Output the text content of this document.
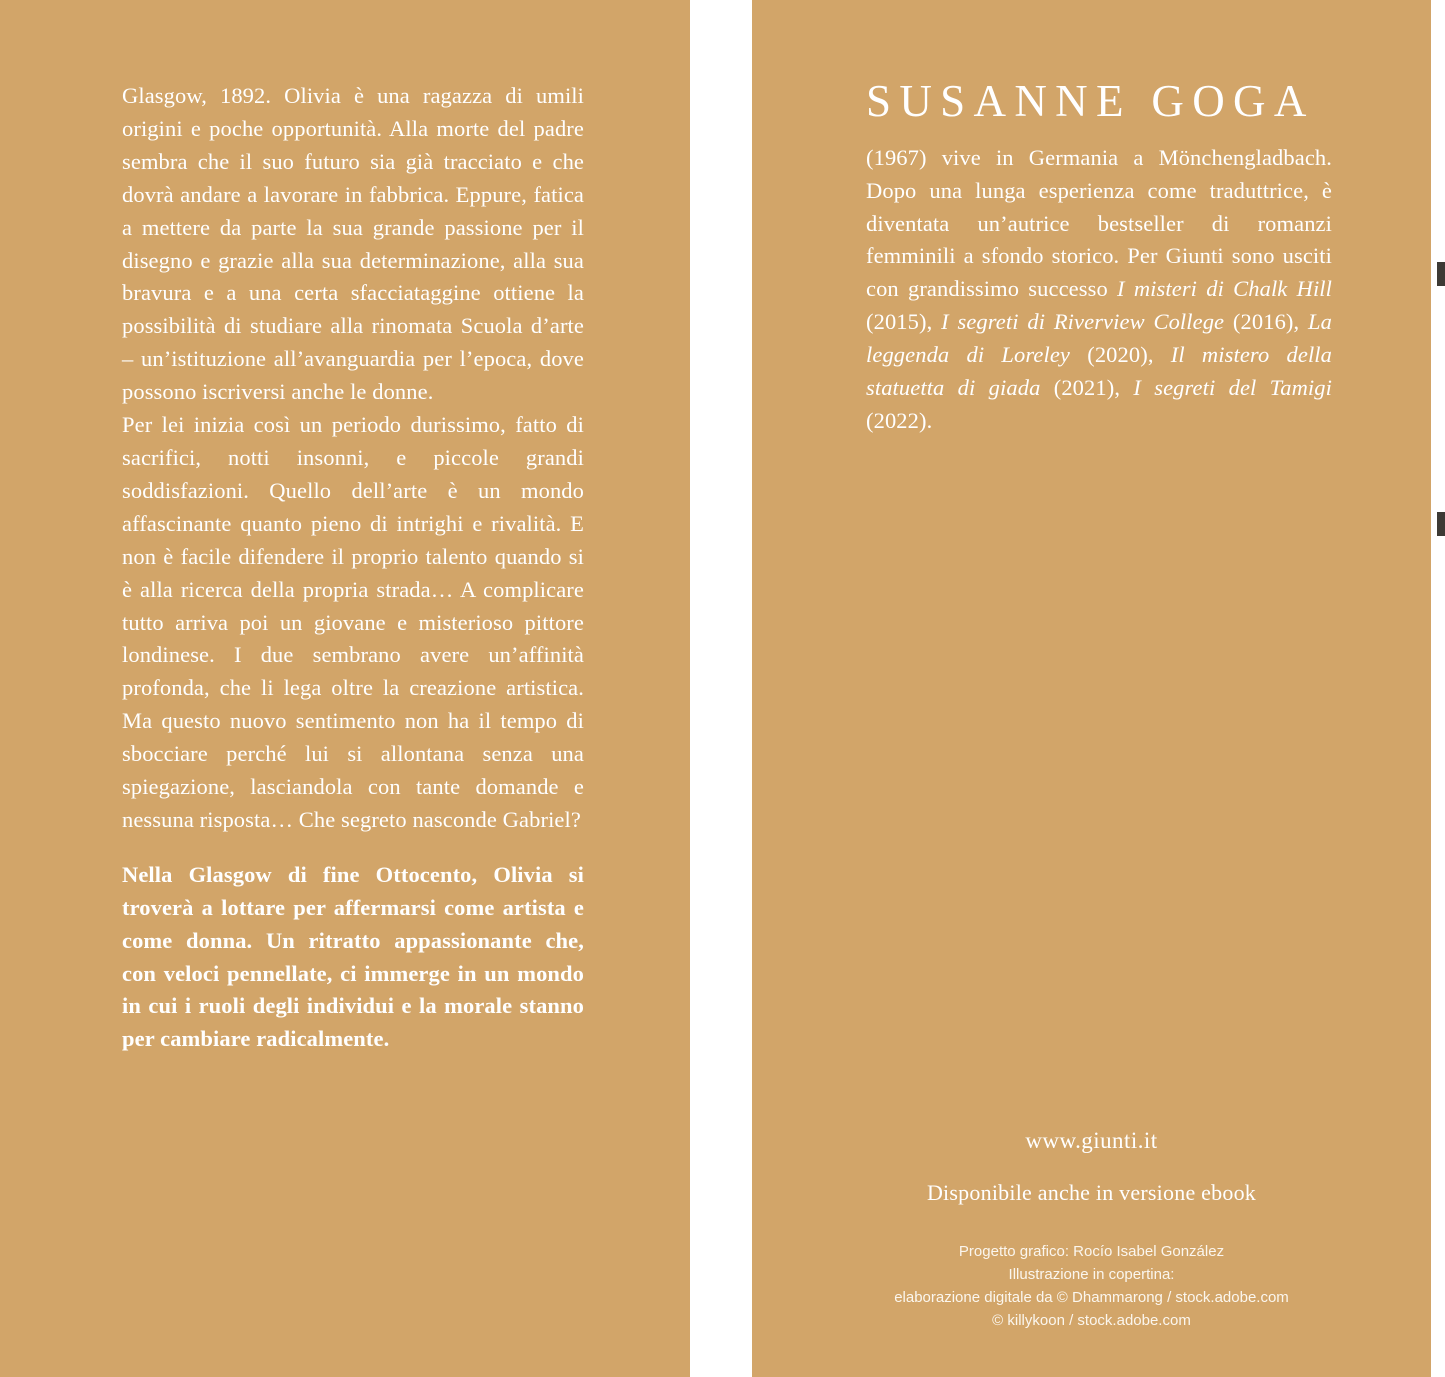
Glasgow, 1892. Olivia è una ragazza di umili origini e poche opportunità. Alla morte del padre sembra che il suo futuro sia già tracciato e che dovrà andare a lavorare in fabbrica. Eppure, fatica a mettere da parte la sua grande passione per il disegno e grazie alla sua determinazione, alla sua bravura e a una certa sfacciataggine ottiene la possibilità di studiare alla rinomata Scuola d’arte – un’istituzione all’avanguardia per l’epoca, dove possono iscriversi anche le donne.

Per lei inizia così un periodo durissimo, fatto di sacrifici, notti insonni, e piccole grandi soddisfazioni. Quello dell’arte è un mondo affascinante quanto pieno di intrighi e rivalità. E non è facile difendere il proprio talento quando si è alla ricerca della propria strada… A complicare tutto arriva poi un giovane e misterioso pittore londinese. I due sembrano avere un’affinità profonda, che li lega oltre la creazione artistica. Ma questo nuovo sentimento non ha il tempo di sbocciare perché lui si allontana senza una spiegazione, lasciandola con tante domande e nessuna risposta… Che segreto nasconde Gabriel?

Nella Glasgow di fine Ottocento, Olivia si troverà a lottare per affermarsi come artista e come donna. Un ritratto appassionante che, con veloci pennellate, ci immerge in un mondo in cui i ruoli degli individui e la morale stanno per cambiare radicalmente.

SUSANNE GOGA

(1967) vive in Germania a Mönchengladbach. Dopo una lunga esperienza come traduttrice, è diventata un’autrice bestseller di romanzi femminili a sfondo storico. Per Giunti sono usciti con grandissimo successo I misteri di Chalk Hill (2015), I segreti di Riverview College (2016), La leggenda di Loreley (2020), Il mistero della statuetta di giada (2021), I segreti del Tamigi (2022).

www.giunti.it
Disponibile anche in versione ebook

Progetto grafico: Rocío Isabel González

Illustrazione in copertina:

elaborazione digitale da © Dhammarong / stock.adobe.com

© killykoon / stock.adobe.com
